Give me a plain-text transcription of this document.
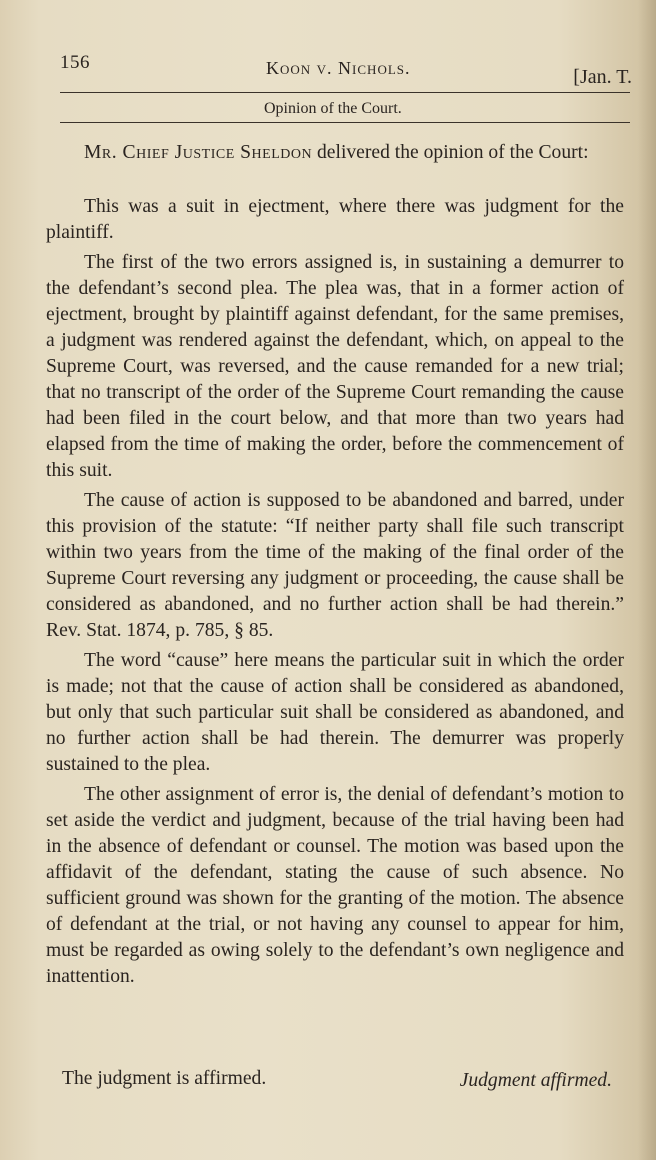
156	Koon v. Nichols.	[Jan. T.
Opinion of the Court.

Mr. Chief Justice Sheldon delivered the opinion of the Court:

This was a suit in ejectment, where there was judgment for the plaintiff.

The first of the two errors assigned is, in sustaining a demurrer to the defendant’s second plea. The plea was, that in a former action of ejectment, brought by plaintiff against defendant, for the same premises, a judgment was rendered against the defendant, which, on appeal to the Supreme Court, was reversed, and the cause remanded for a new trial; that no transcript of the order of the Supreme Court remanding the cause had been filed in the court below, and that more than two years had elapsed from the time of making the order, before the commencement of this suit.

The cause of action is supposed to be abandoned and barred, under this provision of the statute: “If neither party shall file such transcript within two years from the time of the making of the final order of the Supreme Court reversing any judgment or proceeding, the cause shall be considered as abandoned, and no further action shall be had therein.” Rev. Stat. 1874, p. 785, § 85.

The word “cause” here means the particular suit in which the order is made; not that the cause of action shall be considered as abandoned, but only that such particular suit shall be considered as abandoned, and no further action shall be had therein. The demurrer was properly sustained to the plea.

The other assignment of error is, the denial of defendant’s motion to set aside the verdict and judgment, because of the trial having been had in the absence of defendant or counsel. The motion was based upon the affidavit of the defendant, stating the cause of such absence. No sufficient ground was shown for the granting of the motion. The absence of defendant at the trial, or not having any counsel to appear for him, must be regarded as owing solely to the defendant’s own negligence and inattention.

The judgment is affirmed.	Judgment affirmed.
